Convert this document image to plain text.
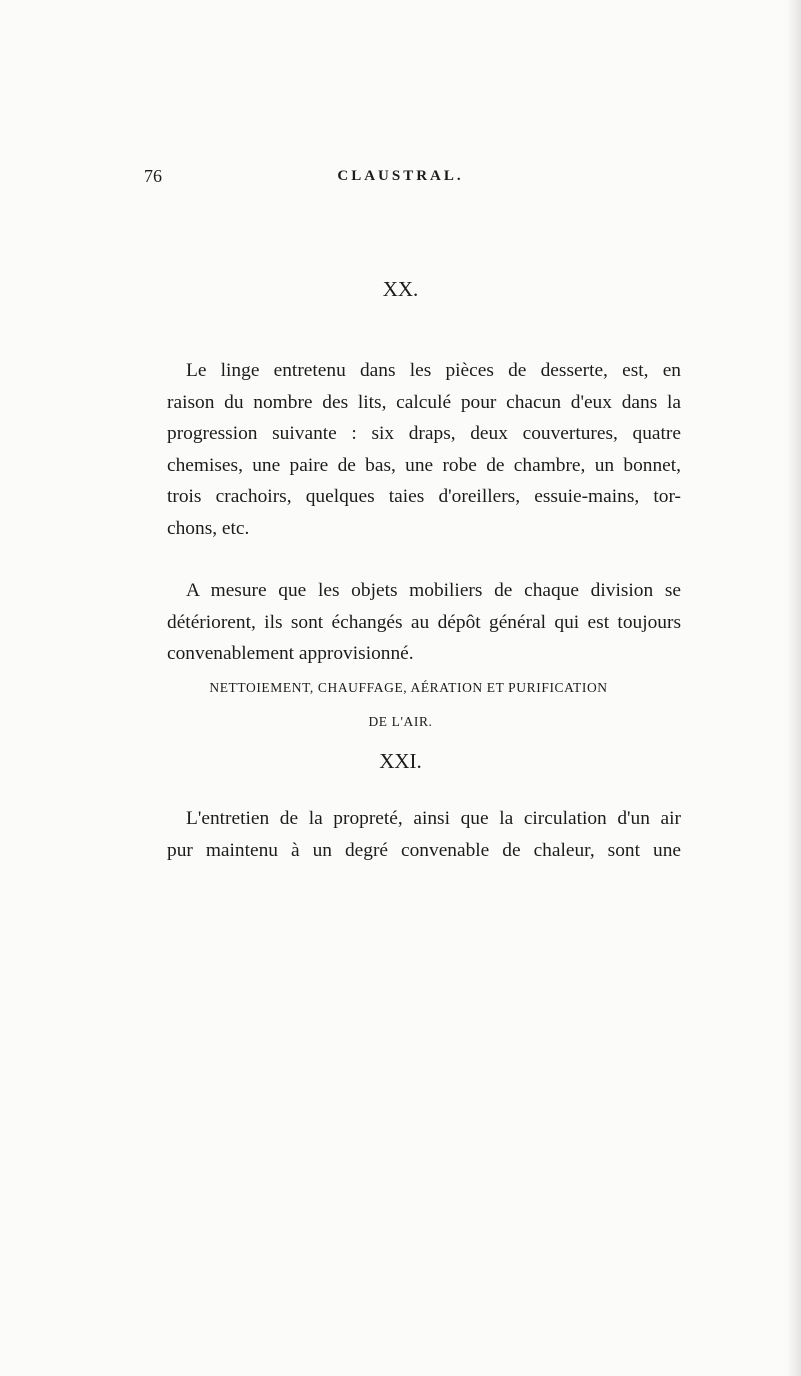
76	CLAUSTRAL.
XX.

Le linge entretenu dans les pièces de desserte, est, en
raison du nombre des lits, calculé pour chacun d'eux dans la
progression suivante : six draps, deux couvertures, quatre
chemises, une paire de bas, une robe de chambre, un bonnet,
trois crachoirs, quelques taies d'oreillers, essuie-mains, tor-
chons, etc.

A mesure que les objets mobiliers de chaque division se
détériorent, ils sont échangés au dépôt général qui est toujours
convenablement approvisionné.

NETTOIEMENT, CHAUFFAGE, AÉRATION ET PURIFICATION
DE L'AIR.
XXI.

L'entretien de la propreté, ainsi que la circulation d'un air
pur maintenu à un degré convenable de chaleur, sont une
